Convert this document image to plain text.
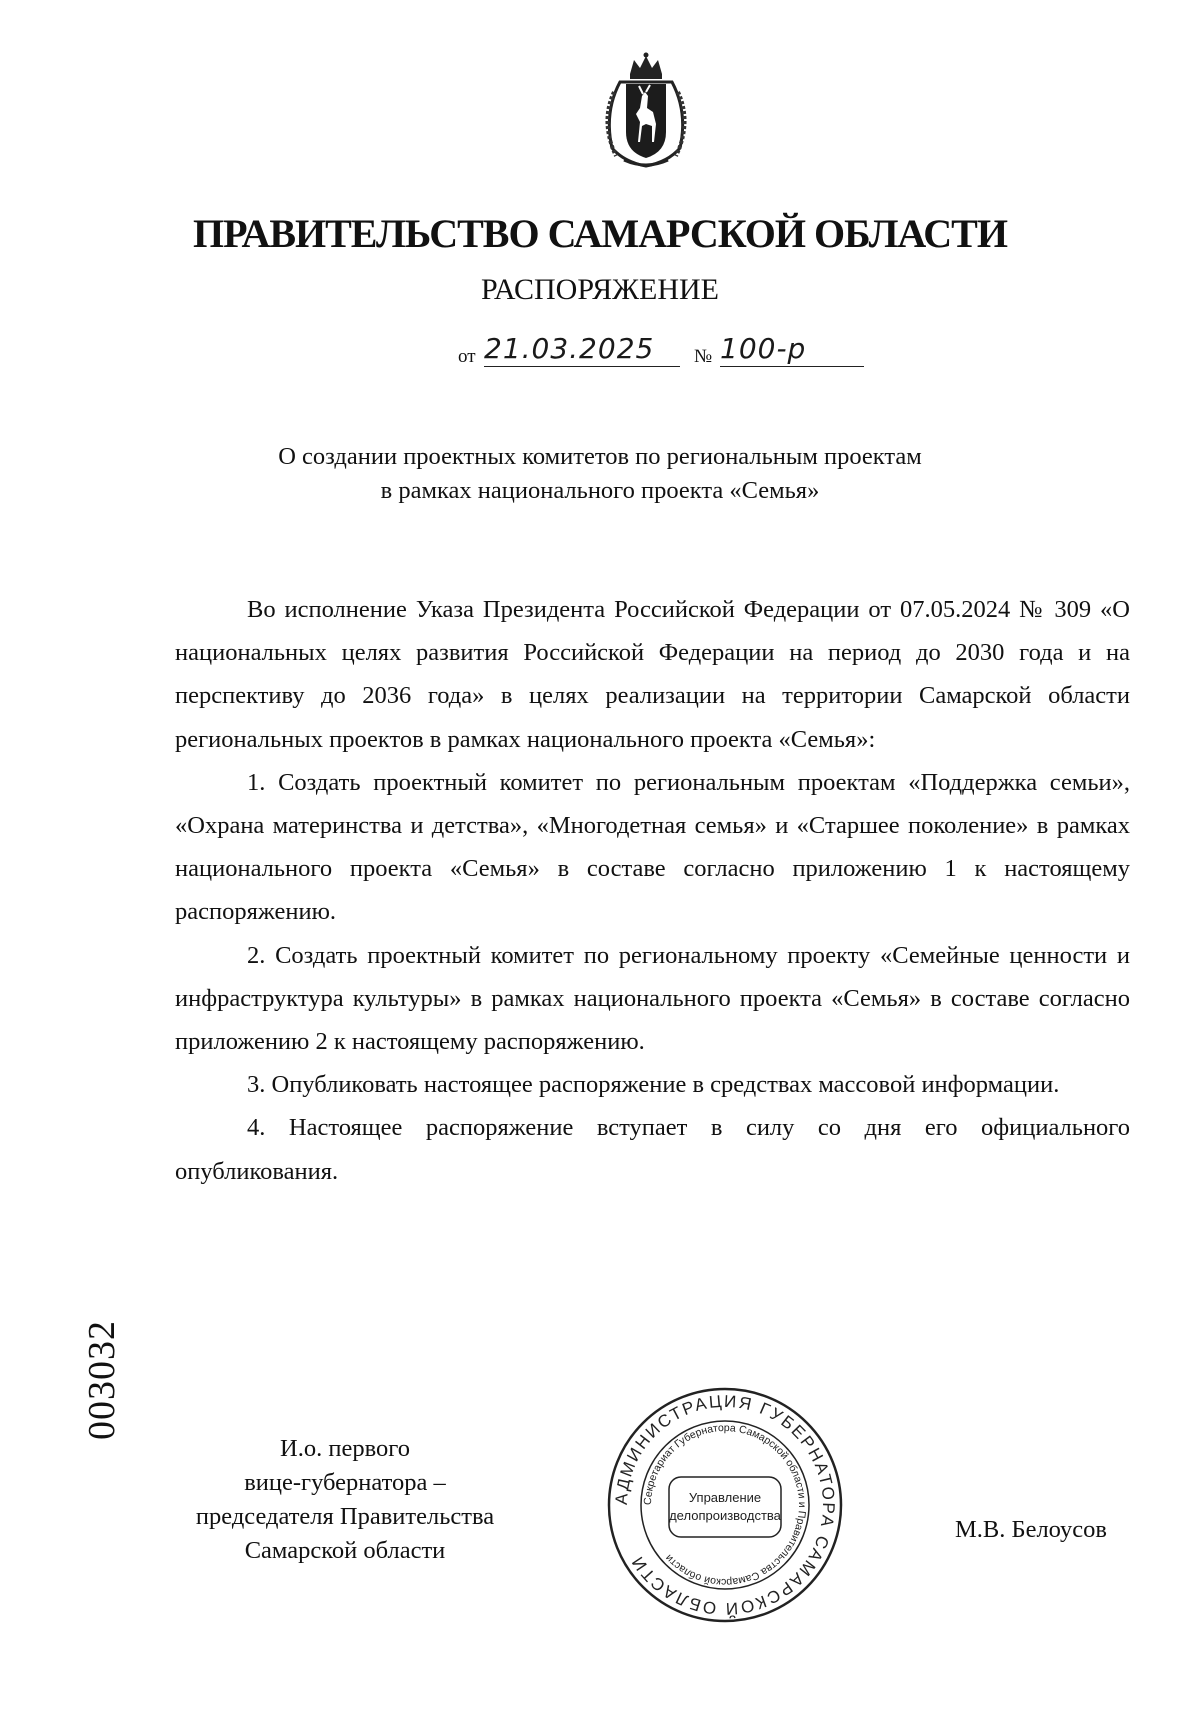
ПРАВИТЕЛЬСТВО САМАРСКОЙ ОБЛАСТИ
РАСПОРЯЖЕНИЕ
от 21.03.2025	№ 100-р
О создании проектных комитетов по региональным проектам
в рамках национального проекта «Семья»

Во исполнение Указа Президента Российской Федерации от 07.05.2024 № 309 «О национальных целях развития Российской Федерации на период до 2030 года и на перспективу до 2036 года» в целях реализации на территории Самарской области региональных проектов в рамках национального проекта «Семья»:

1. Создать проектный комитет по региональным проектам «Поддержка семьи», «Охрана материнства и детства», «Многодетная семья» и «Старшее поколение» в рамках национального проекта «Семья» в составе согласно приложению 1 к настоящему распоряжению.

2. Создать проектный комитет по региональному проекту «Семейные ценности и инфраструктура культуры» в рамках национального проекта «Семья» в составе согласно приложению 2 к настоящему распоряжению.

3. Опубликовать настоящее распоряжение в средствах массовой информации.

4. Настоящее распоряжение вступает в силу со дня его официального опубликования.

003032
И.о. первого
вице-губернатора –
председателя Правительства
Самарской области
АДМИНИСТРАЦИЯ ГУБЕРНАТОРА САМАРСКОЙ ОБЛАСТИ
Секретариат Губернатора Самарской области и Правительства Самарской области
Управление
делопроизводства
М.В. Белоусов
